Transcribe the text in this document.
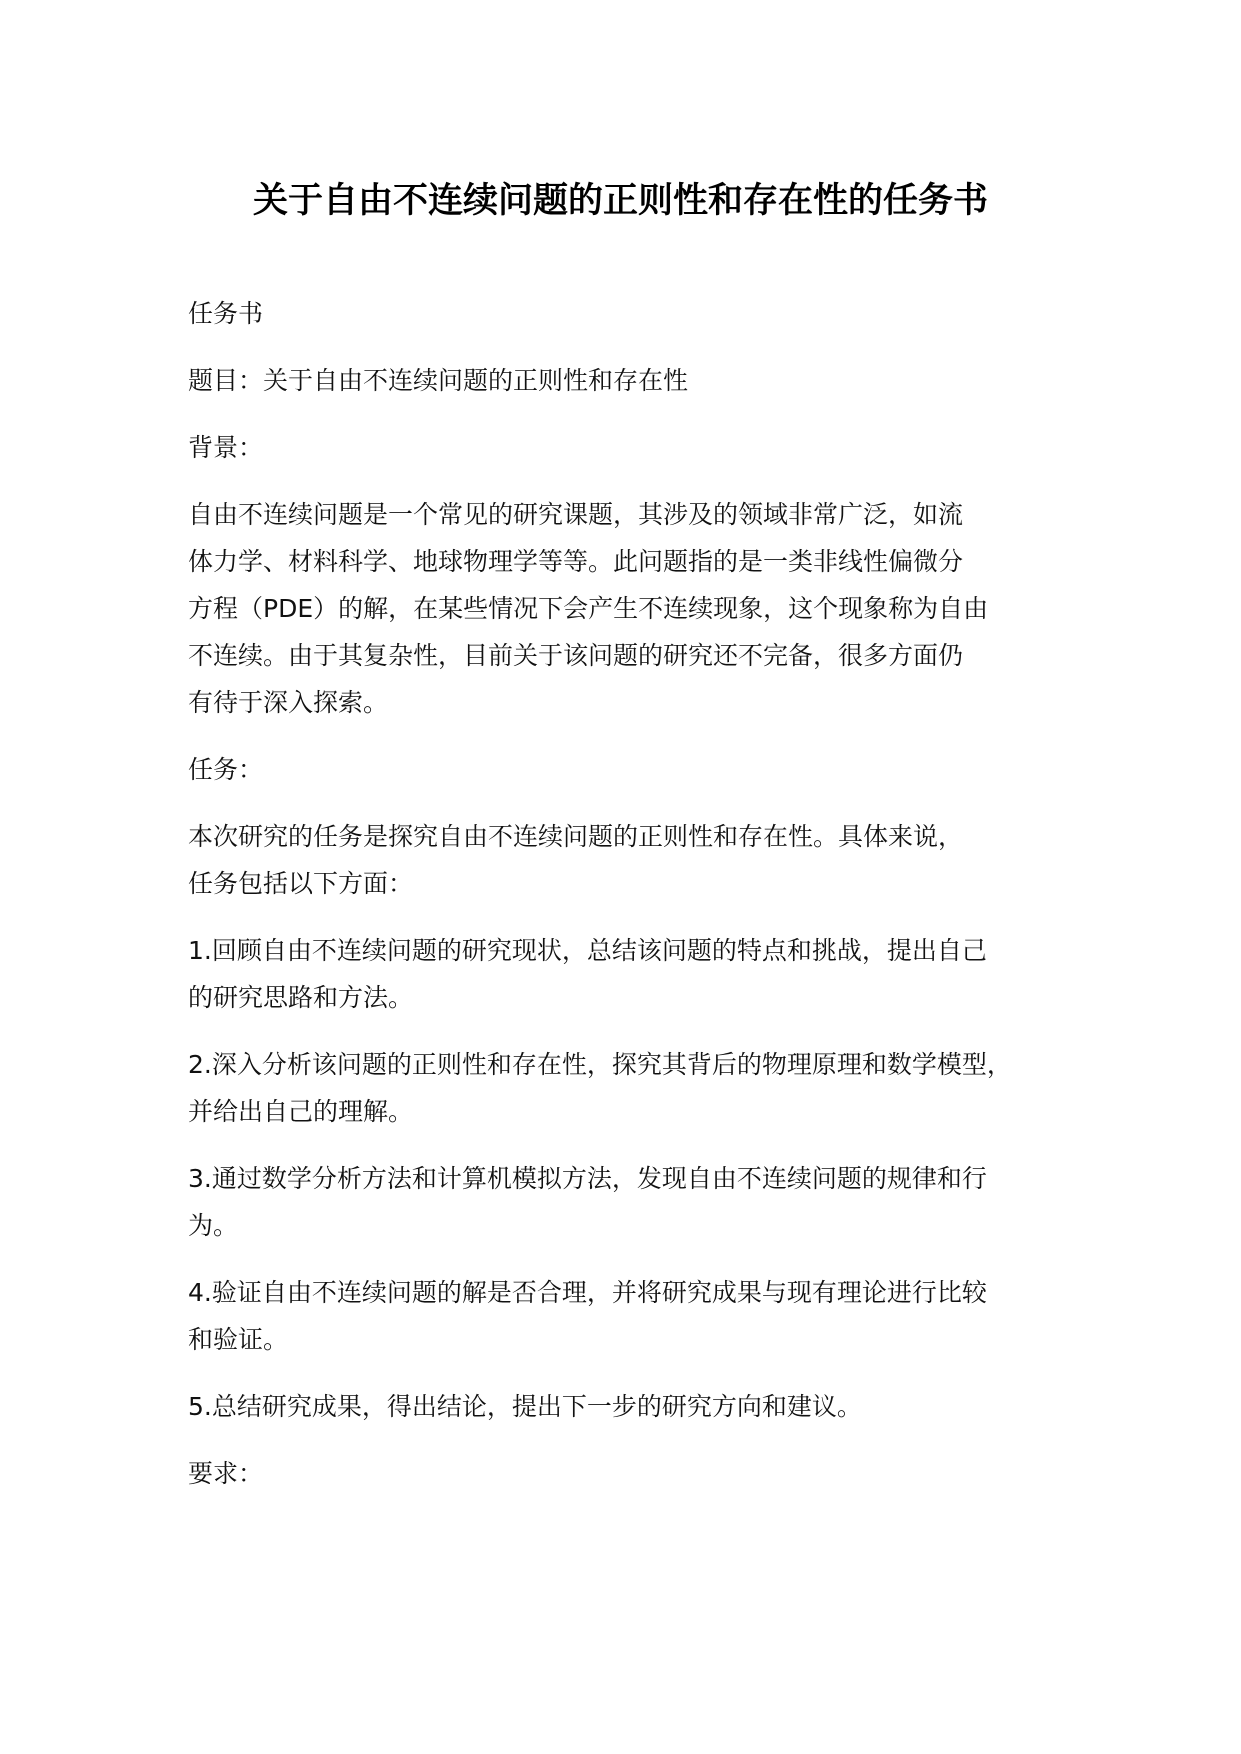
关于自由不连续问题的正则性和存在性的任务书

任务书

题目：关于自由不连续问题的正则性和存在性

背景：

自由不连续问题是一个常见的研究课题，其涉及的领域非常广泛，如流
体力学、材料科学、地球物理学等等。此问题指的是一类非线性偏微分
方程（PDE）的解，在某些情况下会产生不连续现象，这个现象称为自由
不连续。由于其复杂性，目前关于该问题的研究还不完备，很多方面仍
有待于深入探索。

任务：

本次研究的任务是探究自由不连续问题的正则性和存在性。具体来说，
任务包括以下方面：

1.回顾自由不连续问题的研究现状，总结该问题的特点和挑战，提出自己
的研究思路和方法。

2.深入分析该问题的正则性和存在性，探究其背后的物理原理和数学模型，
并给出自己的理解。

3.通过数学分析方法和计算机模拟方法，发现自由不连续问题的规律和行
为。

4.验证自由不连续问题的解是否合理，并将研究成果与现有理论进行比较
和验证。

5.总结研究成果，得出结论，提出下一步的研究方向和建议。

要求：
